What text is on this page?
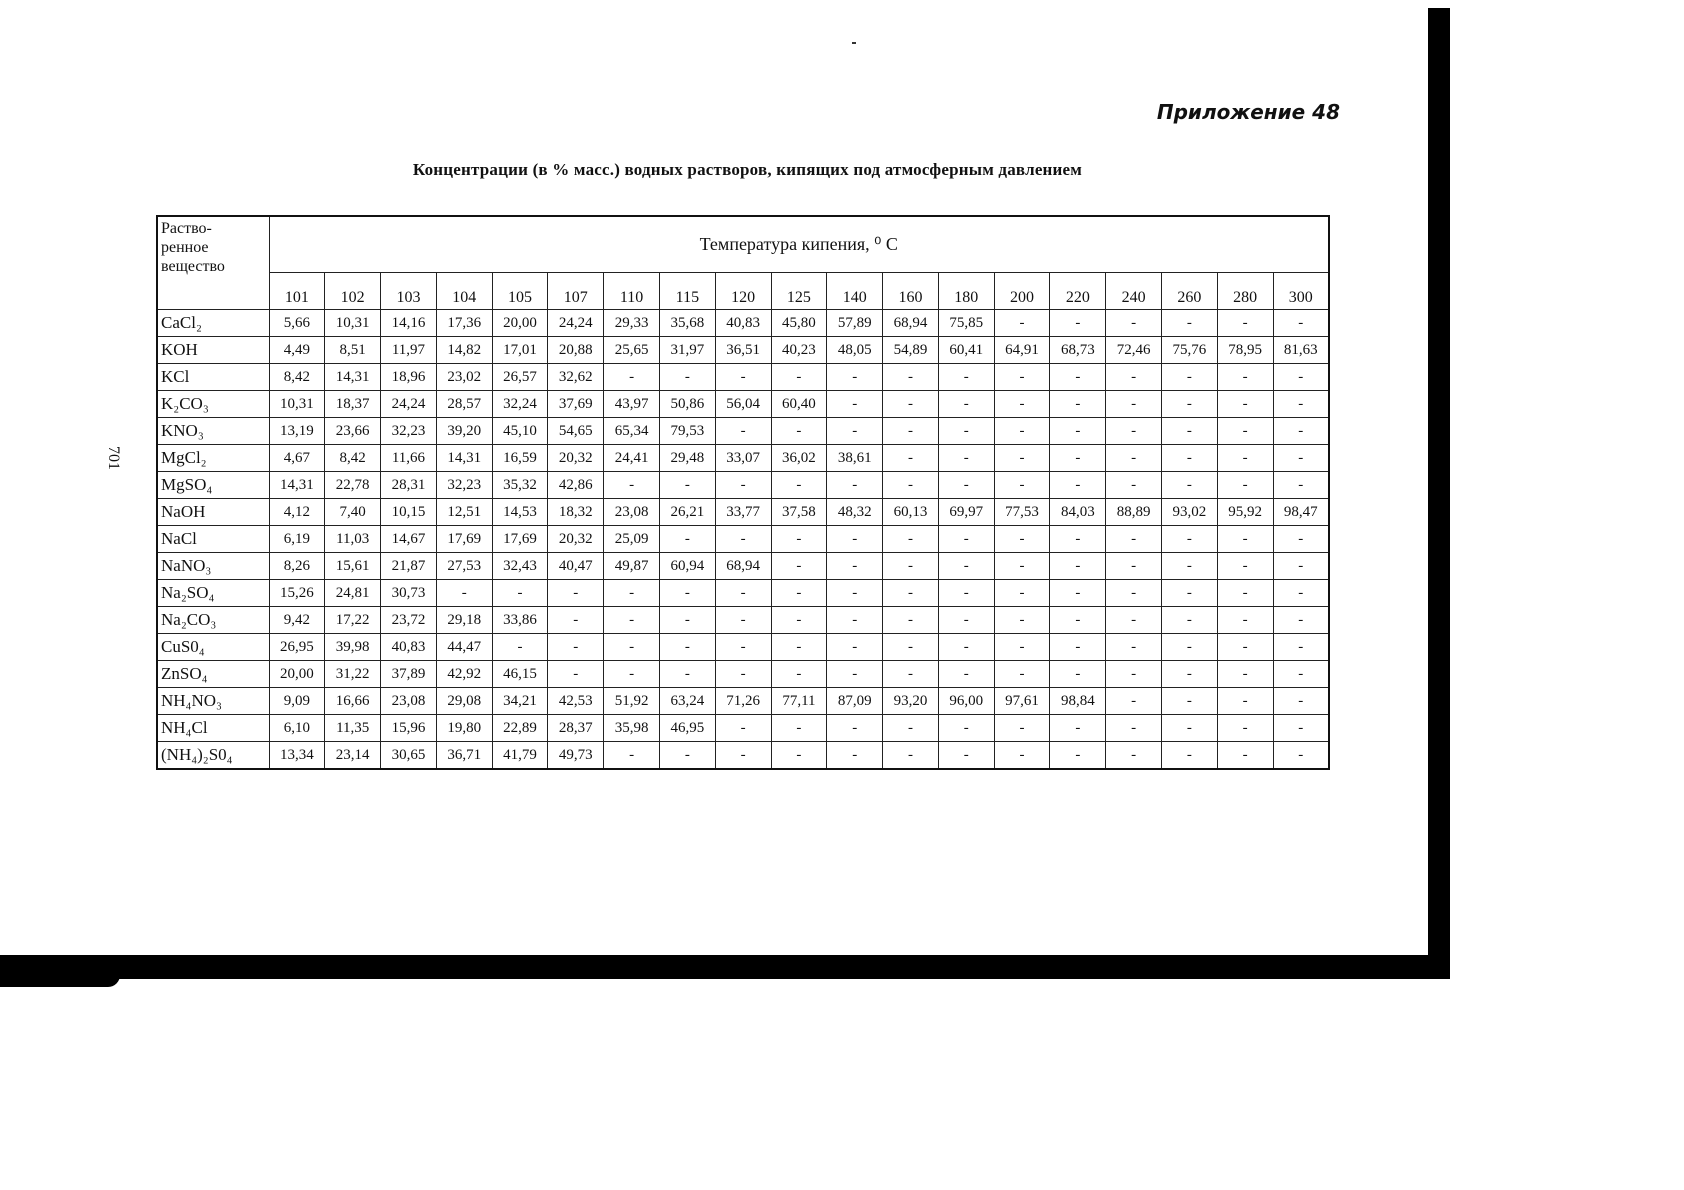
Приложение 48
Концентрации (в % масс.) водных растворов, кипящих под атмосферным давлением
701
Раство-
ренное
вещество	Температура кипения, ⁰ С																		
	101	102	103	104	105	107	110	115	120	125	140	160	180	200	220	240	260	280	300
CaCl₂	5,66	10,31	14,16	17,36	20,00	24,24	29,33	35,68	40,83	45,80	57,89	68,94	75,85	-	-	-	-	-	-
KOH	4,49	8,51	11,97	14,82	17,01	20,88	25,65	31,97	36,51	40,23	48,05	54,89	60,41	64,91	68,73	72,46	75,76	78,95	81,63
KCl	8,42	14,31	18,96	23,02	26,57	32,62	-	-	-	-	-	-	-	-	-	-	-	-	-
K₂CO₃	10,31	18,37	24,24	28,57	32,24	37,69	43,97	50,86	56,04	60,40	-	-	-	-	-	-	-	-	-
KNO₃	13,19	23,66	32,23	39,20	45,10	54,65	65,34	79,53	-	-	-	-	-	-	-	-	-	-	-
MgCl₂	4,67	8,42	11,66	14,31	16,59	20,32	24,41	29,48	33,07	36,02	38,61	-	-	-	-	-	-	-	-
MgSO₄	14,31	22,78	28,31	32,23	35,32	42,86	-	-	-	-	-	-	-	-	-	-	-	-	-
NaOH	4,12	7,40	10,15	12,51	14,53	18,32	23,08	26,21	33,77	37,58	48,32	60,13	69,97	77,53	84,03	88,89	93,02	95,92	98,47
NaCl	6,19	11,03	14,67	17,69	17,69	20,32	25,09	-	-	-	-	-	-	-	-	-	-	-	-
NaNO₃	8,26	15,61	21,87	27,53	32,43	40,47	49,87	60,94	68,94	-	-	-	-	-	-	-	-	-	-
Na₂SO₄	15,26	24,81	30,73	-	-	-	-	-	-	-	-	-	-	-	-	-	-	-	-
Na₂CO₃	9,42	17,22	23,72	29,18	33,86	-	-	-	-	-	-	-	-	-	-	-	-	-	-
CuS0₄	26,95	39,98	40,83	44,47	-	-	-	-	-	-	-	-	-	-	-	-	-	-	-
ZnSO₄	20,00	31,22	37,89	42,92	46,15	-	-	-	-	-	-	-	-	-	-	-	-	-	-
NH₄NO₃	9,09	16,66	23,08	29,08	34,21	42,53	51,92	63,24	71,26	77,11	87,09	93,20	96,00	97,61	98,84	-	-	-	-
NH₄Cl	6,10	11,35	15,96	19,80	22,89	28,37	35,98	46,95	-	-	-	-	-	-	-	-	-	-	-
(NH₄)₂S0₄	13,34	23,14	30,65	36,71	41,79	49,73	-	-	-	-	-	-	-	-	-	-	-	-	-
